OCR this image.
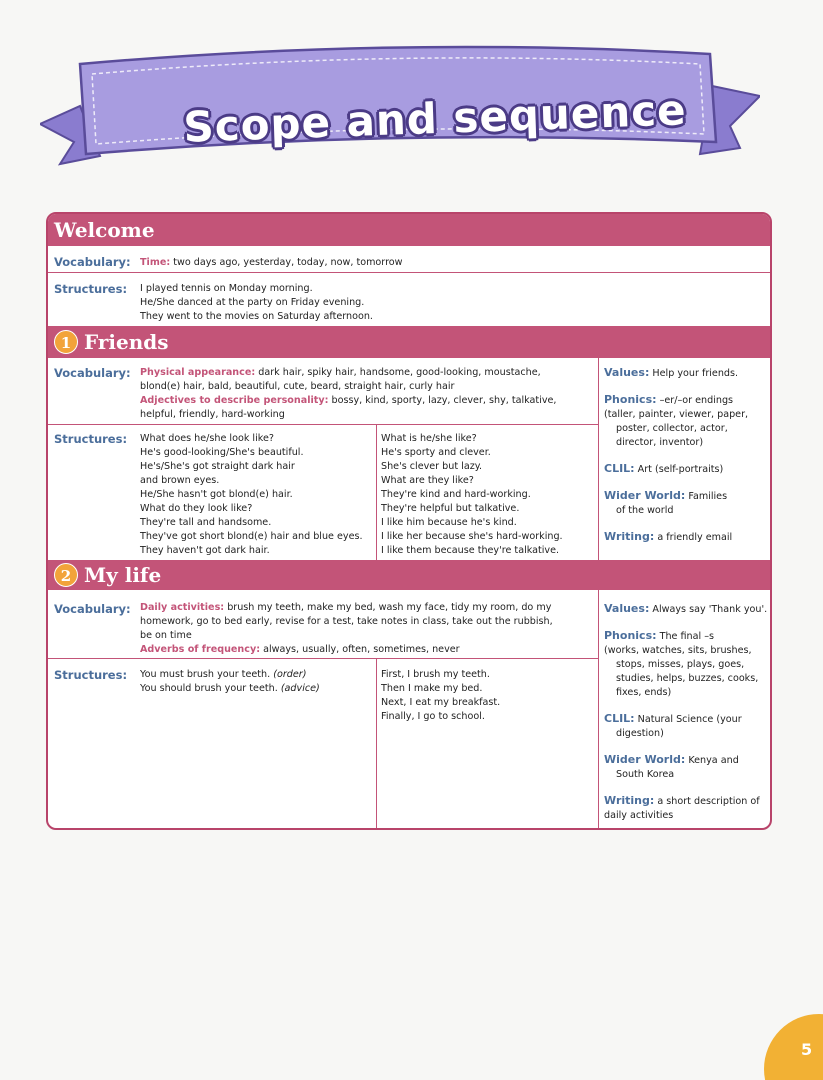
Scope and sequence
Welcome
Vocabulary: Time: two days ago, yesterday, today, now, tomorrow
Structures: I played tennis on Monday morning.
He/She danced at the party on Friday evening.
They went to the movies on Saturday afternoon.
1 Friends
Vocabulary: Physical appearance: dark hair, spiky hair, handsome, good-looking, moustache,
blond(e) hair, bald, beautiful, cute, beard, straight hair, curly hair
Adjectives to describe personality: bossy, kind, sporty, lazy, clever, shy, talkative,
helpful, friendly, hard-working
Structures: What does he/she look like?
He's good-looking/She's beautiful.
He's/She's got straight dark hair
and brown eyes.
He/She hasn't got blond(e) hair.
What do they look like?
They're tall and handsome.
They've got short blond(e) hair and blue eyes.
They haven't got dark hair.
What is he/she like?
He's sporty and clever.
She's clever but lazy.
What are they like?
They're kind and hard-working.
They're helpful but talkative.
I like him because he's kind.
I like her because she's hard-working.
I like them because they're talkative.
Values: Help your friends.
Phonics: –er/–or endings
(taller, painter, viewer, paper,
poster, collector, actor,
director, inventor)
CLIL: Art (self-portraits)
Wider World: Families
of the world
Writing: a friendly email
2 My life
Vocabulary: Daily activities: brush my teeth, make my bed, wash my face, tidy my room, do my
homework, go to bed early, revise for a test, take notes in class, take out the rubbish,
be on time
Adverbs of frequency: always, usually, often, sometimes, never
Structures: You must brush your teeth. (order)
You should brush your teeth. (advice)
First, I brush my teeth.
Then I make my bed.
Next, I eat my breakfast.
Finally, I go to school.
Values: Always say 'Thank you'.
Phonics: The final –s
(works, watches, sits, brushes,
stops, misses, plays, goes,
studies, helps, buzzes, cooks,
fixes, ends)
CLIL: Natural Science (your
digestion)
Wider World: Kenya and
South Korea
Writing: a short description of
daily activities
5
